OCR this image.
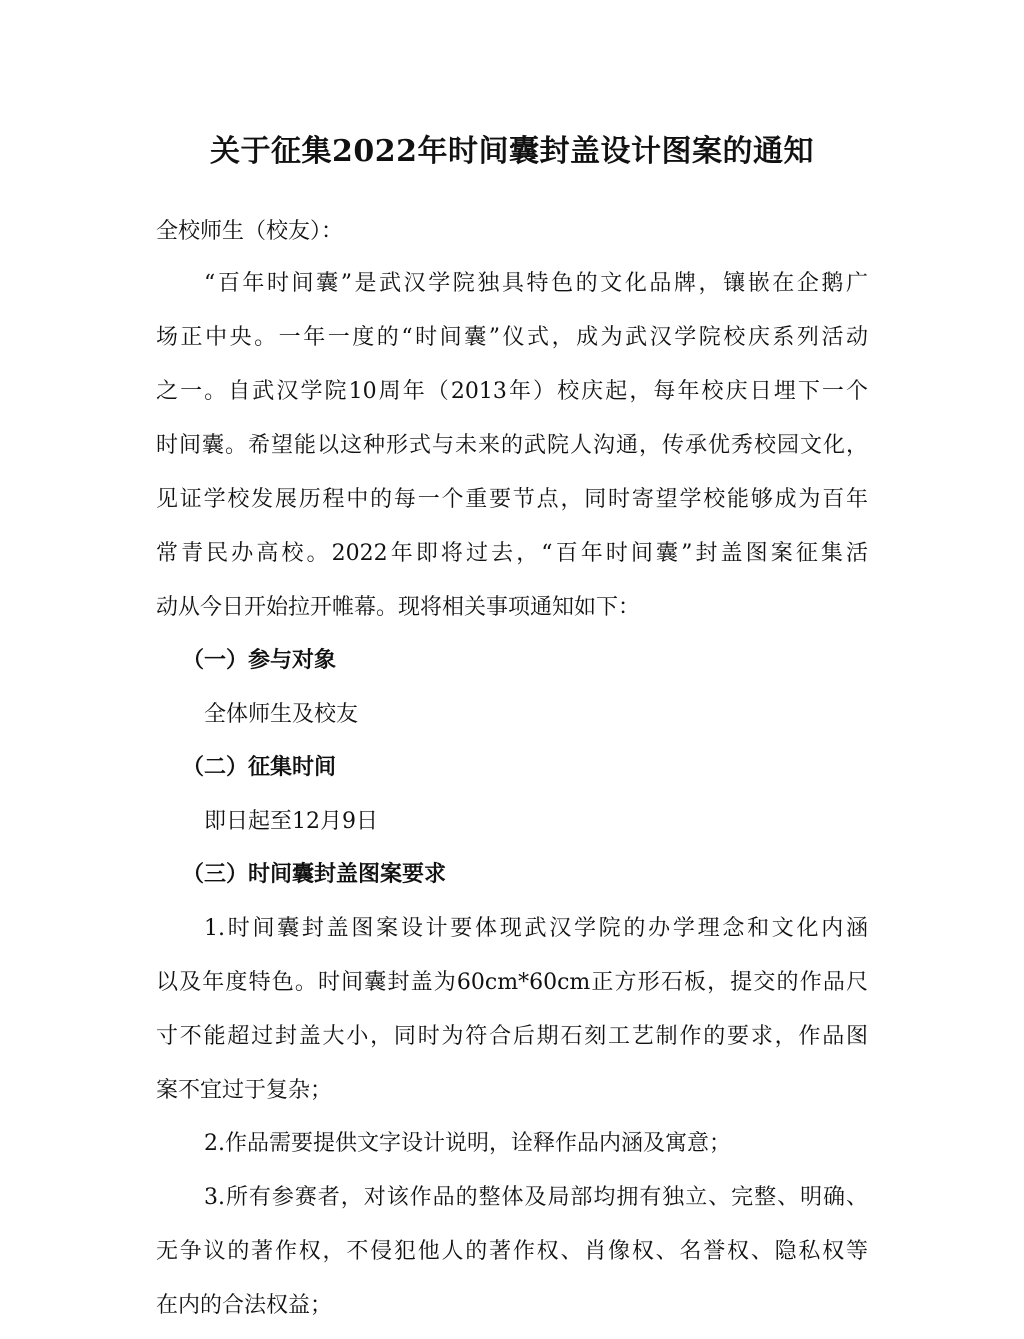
关于征集2022年时间囊封盖设计图案的通知
全校师生（校友）：
“百年时间囊”是武汉学院独具特色的文化品牌，镶嵌在企鹅广
场正中央。一年一度的“时间囊”仪式，成为武汉学院校庆系列活动
之一。自武汉学院10周年（2013年）校庆起，每年校庆日埋下一个
时间囊。希望能以这种形式与未来的武院人沟通，传承优秀校园文化，
见证学校发展历程中的每一个重要节点，同时寄望学校能够成为百年
常青民办高校。2022年即将过去，“百年时间囊”封盖图案征集活
动从今日开始拉开帷幕。现将相关事项通知如下：
（一）参与对象
全体师生及校友
（二）征集时间
即日起至12月9日
（三）时间囊封盖图案要求
1.时间囊封盖图案设计要体现武汉学院的办学理念和文化内涵
以及年度特色。时间囊封盖为60cm*60cm正方形石板，提交的作品尺
寸不能超过封盖大小，同时为符合后期石刻工艺制作的要求，作品图
案不宜过于复杂；
2.作品需要提供文字设计说明，诠释作品内涵及寓意；
3.所有参赛者，对该作品的整体及局部均拥有独立、完整、明确、
无争议的著作权，不侵犯他人的著作权、肖像权、名誉权、隐私权等
在内的合法权益；
